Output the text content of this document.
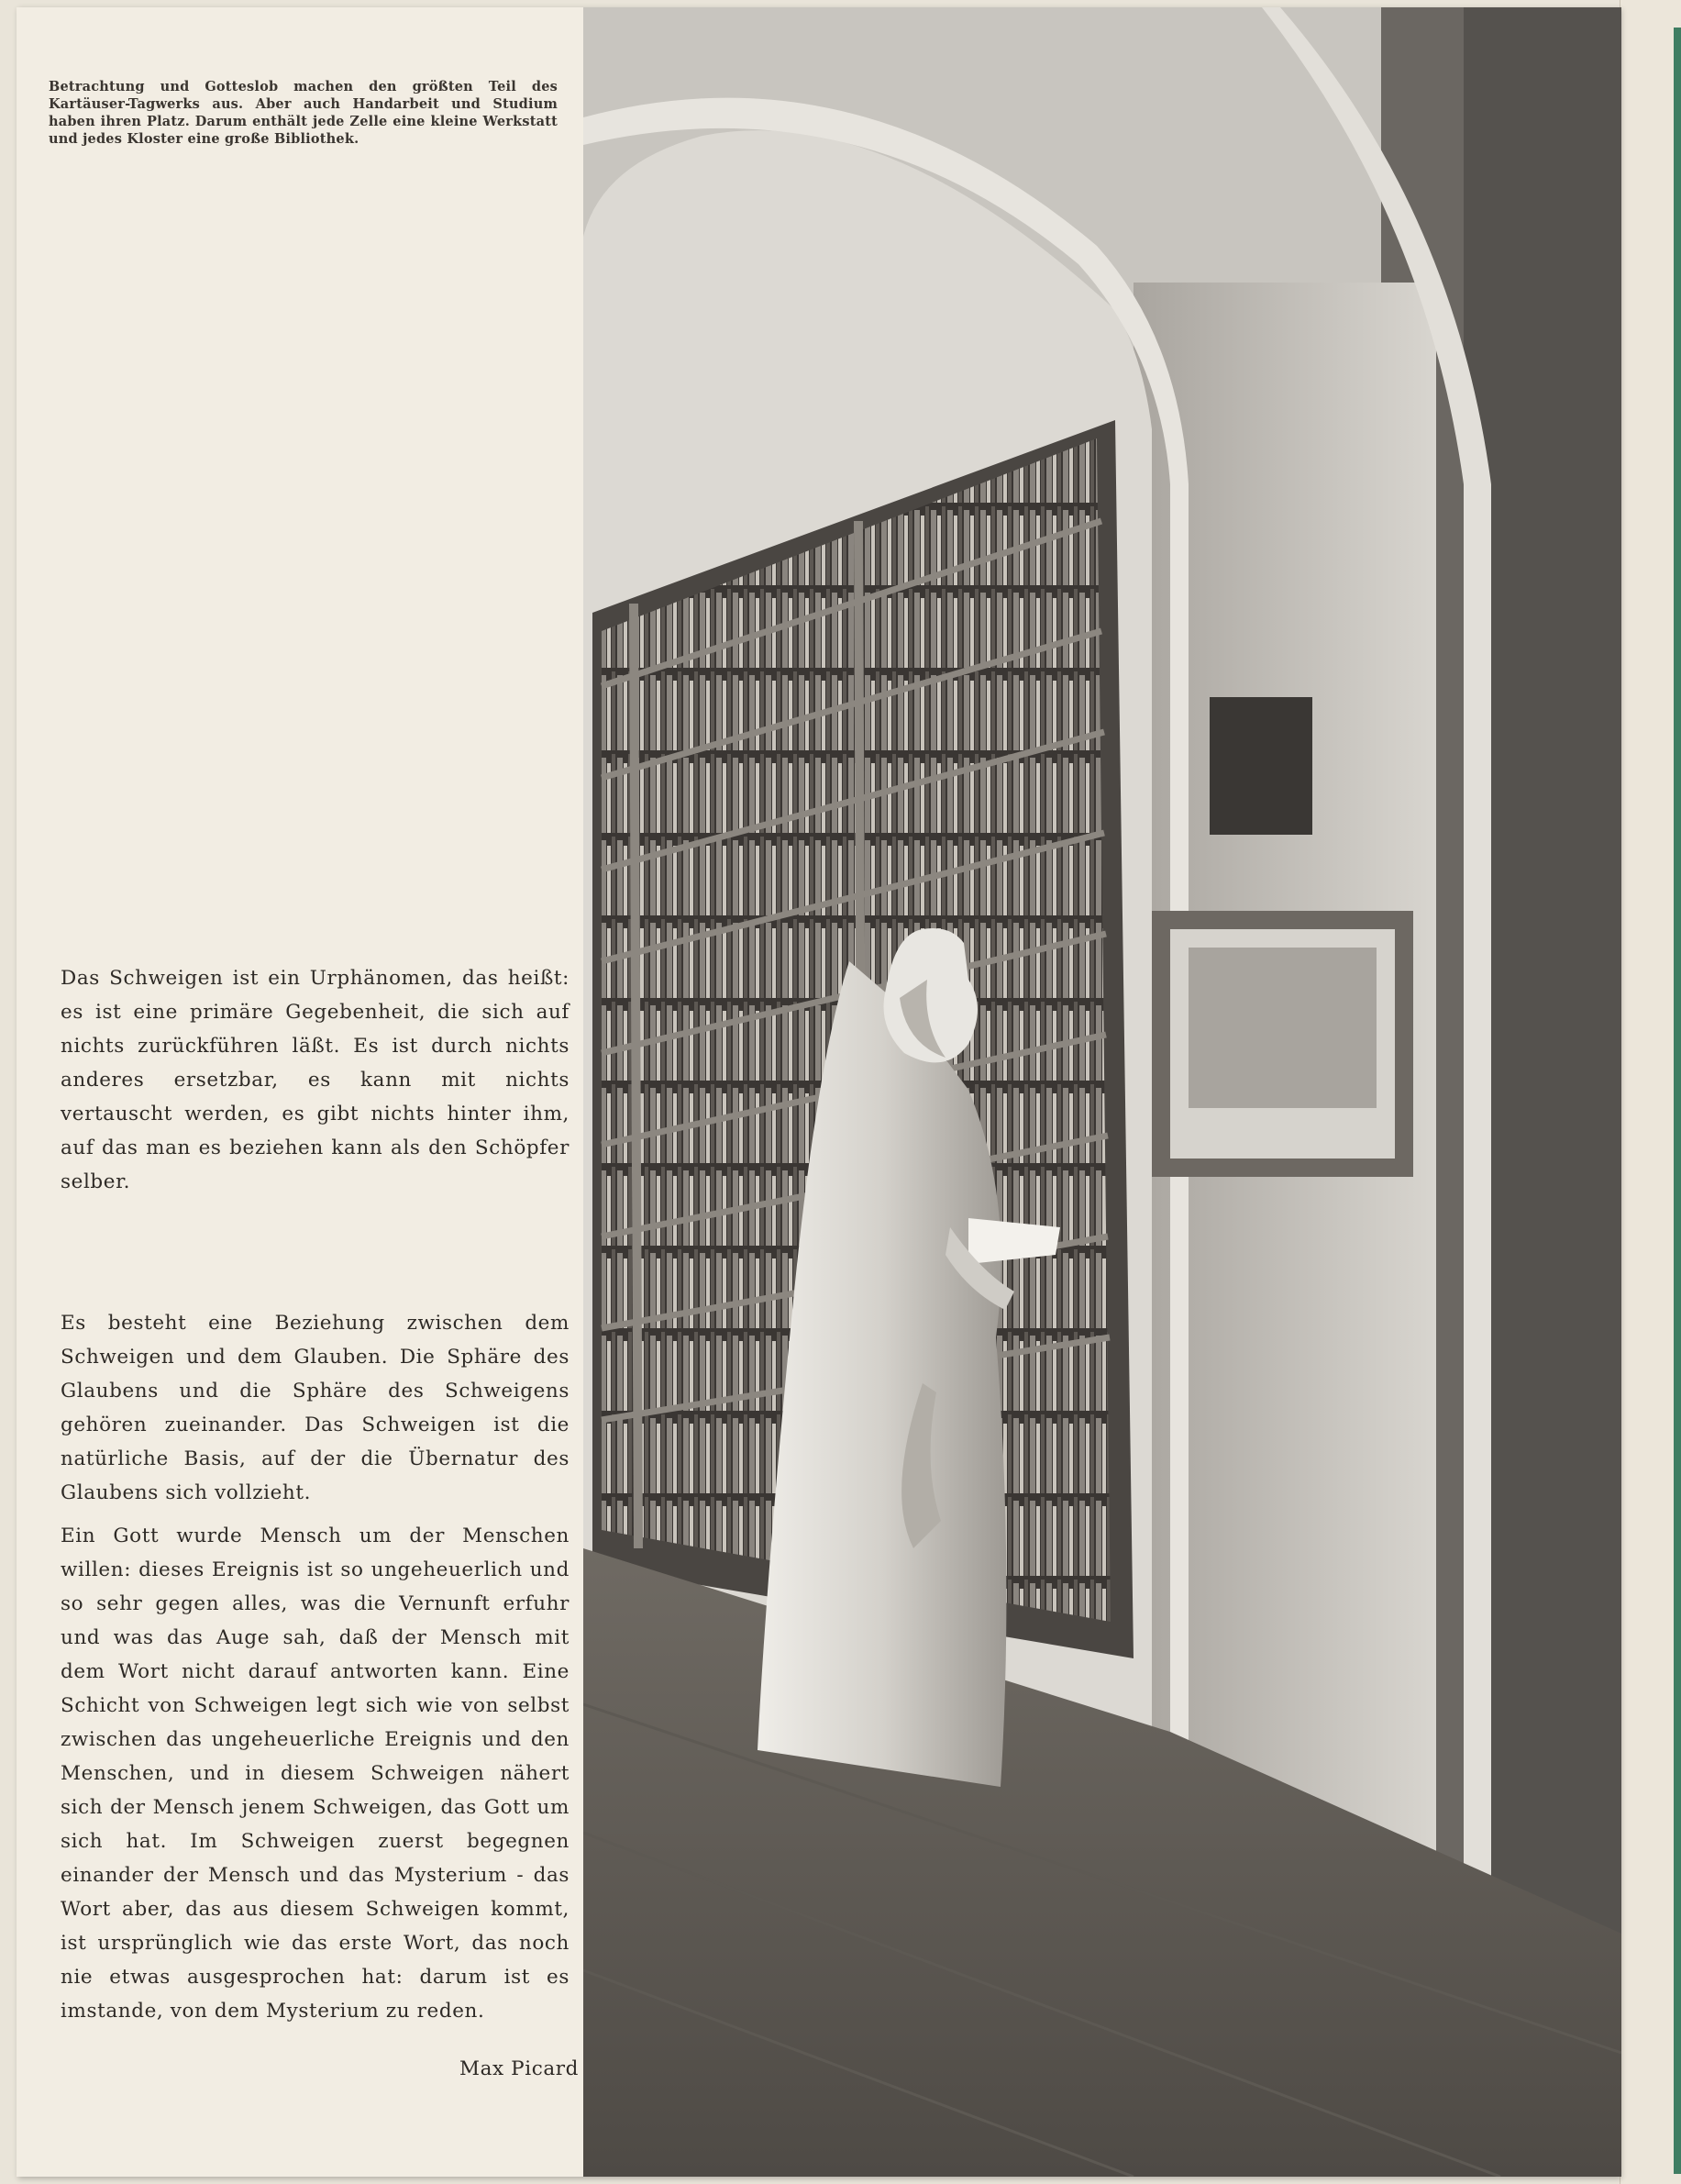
Betrachtung und Gotteslob machen den größten Teil des Kartäuser-Tagwerks aus. Aber auch Handarbeit und Studium haben ihren Platz. Darum enthält jede Zelle eine kleine Werkstatt und jedes Kloster eine große Bibliothek.
Das Schweigen ist ein Urphänomen, das heißt: es ist eine primäre Gegebenheit, die sich auf nichts zurückführen läßt. Es ist durch nichts anderes ersetzbar, es kann mit nichts vertauscht werden, es gibt nichts hinter ihm, auf das man es beziehen kann als den Schöpfer selber.
Es besteht eine Beziehung zwischen dem Schweigen und dem Glauben. Die Sphäre des Glaubens und die Sphäre des Schweigens gehören zueinander. Das Schweigen ist die natürliche Basis, auf der die Übernatur des Glaubens sich vollzieht.
Ein Gott wurde Mensch um der Menschen willen: dieses Ereignis ist so ungeheuerlich und so sehr gegen alles, was die Vernunft erfuhr und was das Auge sah, daß der Mensch mit dem Wort nicht darauf antworten kann. Eine Schicht von Schweigen legt sich wie von selbst zwischen das ungeheuerliche Ereignis und den Menschen, und in diesem Schweigen nähert sich der Mensch jenem Schweigen, das Gott um sich hat. Im Schweigen zuerst begegnen einander der Mensch und das Mysterium - das Wort aber, das aus diesem Schweigen kommt, ist ursprünglich wie das erste Wort, das noch nie etwas ausgesprochen hat: darum ist es imstande, von dem Mysterium zu reden.
Max Picard
